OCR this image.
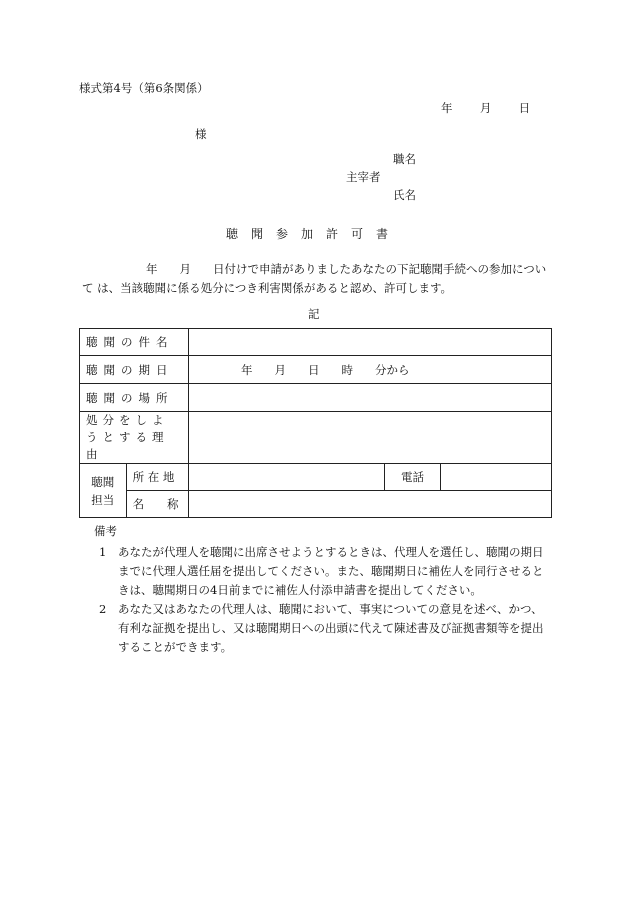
様式第4号（第6条関係）
年 月 日
様
職名
主宰者
氏名
聴聞参加許可書
年 月 日付けで申請がありましたあなたの下記聴聞手続への参加について は、当該聴聞に係る処分につき利害関係があると認め、許可します。
記
聴聞の件名				
聴聞の期日		年 月 日 時 分から		
聴聞の場所				

処分をしようとする理由				

聴聞担当	所 在 地		電話	
	名　　称			
備考
1 あなたが代理人を聴聞に出席させようとするときは、代理人を選任し、聴聞の期日までに代理人選任届を提出してください。また、聴聞期日に補佐人を同行させるときは、聴聞期日の4日前までに補佐人付添申請書を提出してください。
2 あなた又はあなたの代理人は、聴聞において、事実についての意見を述べ、かつ、有利な証拠を提出し、又は聴聞期日への出頭に代えて陳述書及び証拠書類等を提出することができます。
